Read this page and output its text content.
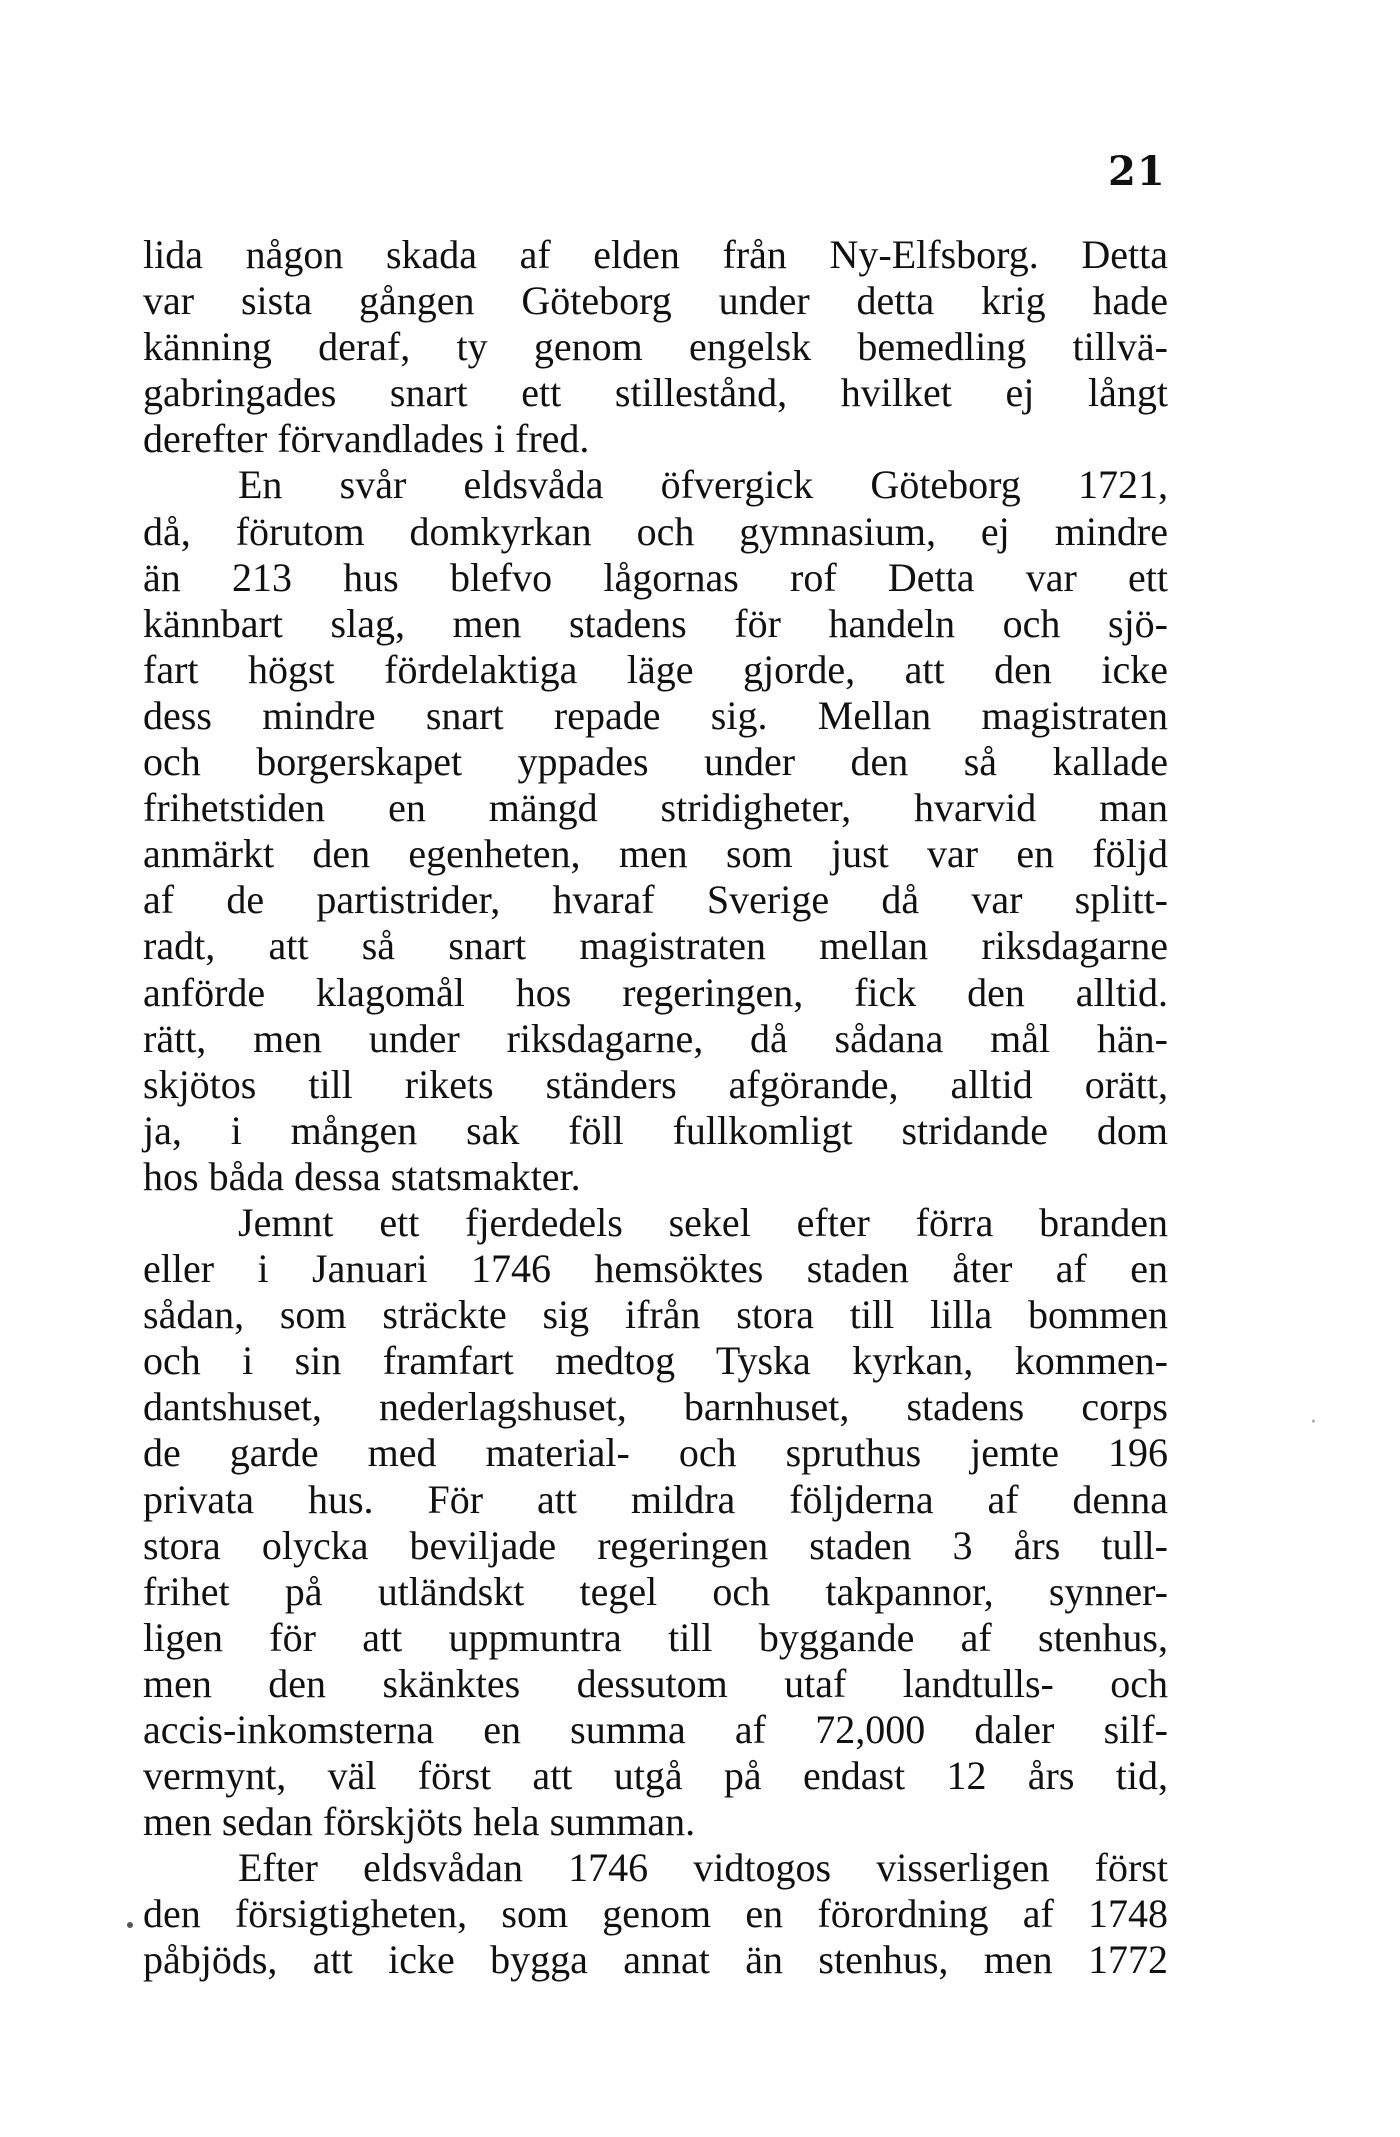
21
lida någon skada af elden från Ny-Elfsborg. Detta
var sista gången Göteborg under detta krig hade
känning deraf, ty genom engelsk bemedling tillvä-
gabringades snart ett stillestånd, hvilket ej långt
derefter förvandlades i fred.
En svår eldsvåda öfvergick Göteborg 1721,
då, förutom domkyrkan och gymnasium, ej mindre
än 213 hus blefvo lågornas rof Detta var ett
kännbart slag, men stadens för handeln och sjö-
fart högst fördelaktiga läge gjorde, att den icke
dess mindre snart repade sig. Mellan magistraten
och borgerskapet yppades under den så kallade
frihetstiden en mängd stridigheter, hvarvid man
anmärkt den egenheten, men som just var en följd
af de partistrider, hvaraf Sverige då var splitt-
radt, att så snart magistraten mellan riksdagarne
anförde klagomål hos regeringen, fick den alltid.
rätt, men under riksdagarne, då sådana mål hän-
skjötos till rikets ständers afgörande, alltid orätt,
ja, i mången sak föll fullkomligt stridande dom
hos båda dessa statsmakter.
Jemnt ett fjerdedels sekel efter förra branden
eller i Januari 1746 hemsöktes staden åter af en
sådan, som sträckte sig ifrån stora till lilla bommen
och i sin framfart medtog Tyska kyrkan, kommen-
dantshuset, nederlagshuset, barnhuset, stadens corps
de garde med material- och spruthus jemte 196
privata hus. För att mildra följderna af denna
stora olycka beviljade regeringen staden 3 års tull-
frihet på utländskt tegel och takpannor, synner-
ligen för att uppmuntra till byggande af stenhus,
men den skänktes dessutom utaf landtulls- och
accis-inkomsterna en summa af 72,000 daler silf-
vermynt, väl först att utgå på endast 12 års tid,
men sedan förskjöts hela summan.
Efter eldsvådan 1746 vidtogos visserligen först
den försigtigheten, som genom en förordning af 1748
påbjöds, att icke bygga annat än stenhus, men 1772
·
